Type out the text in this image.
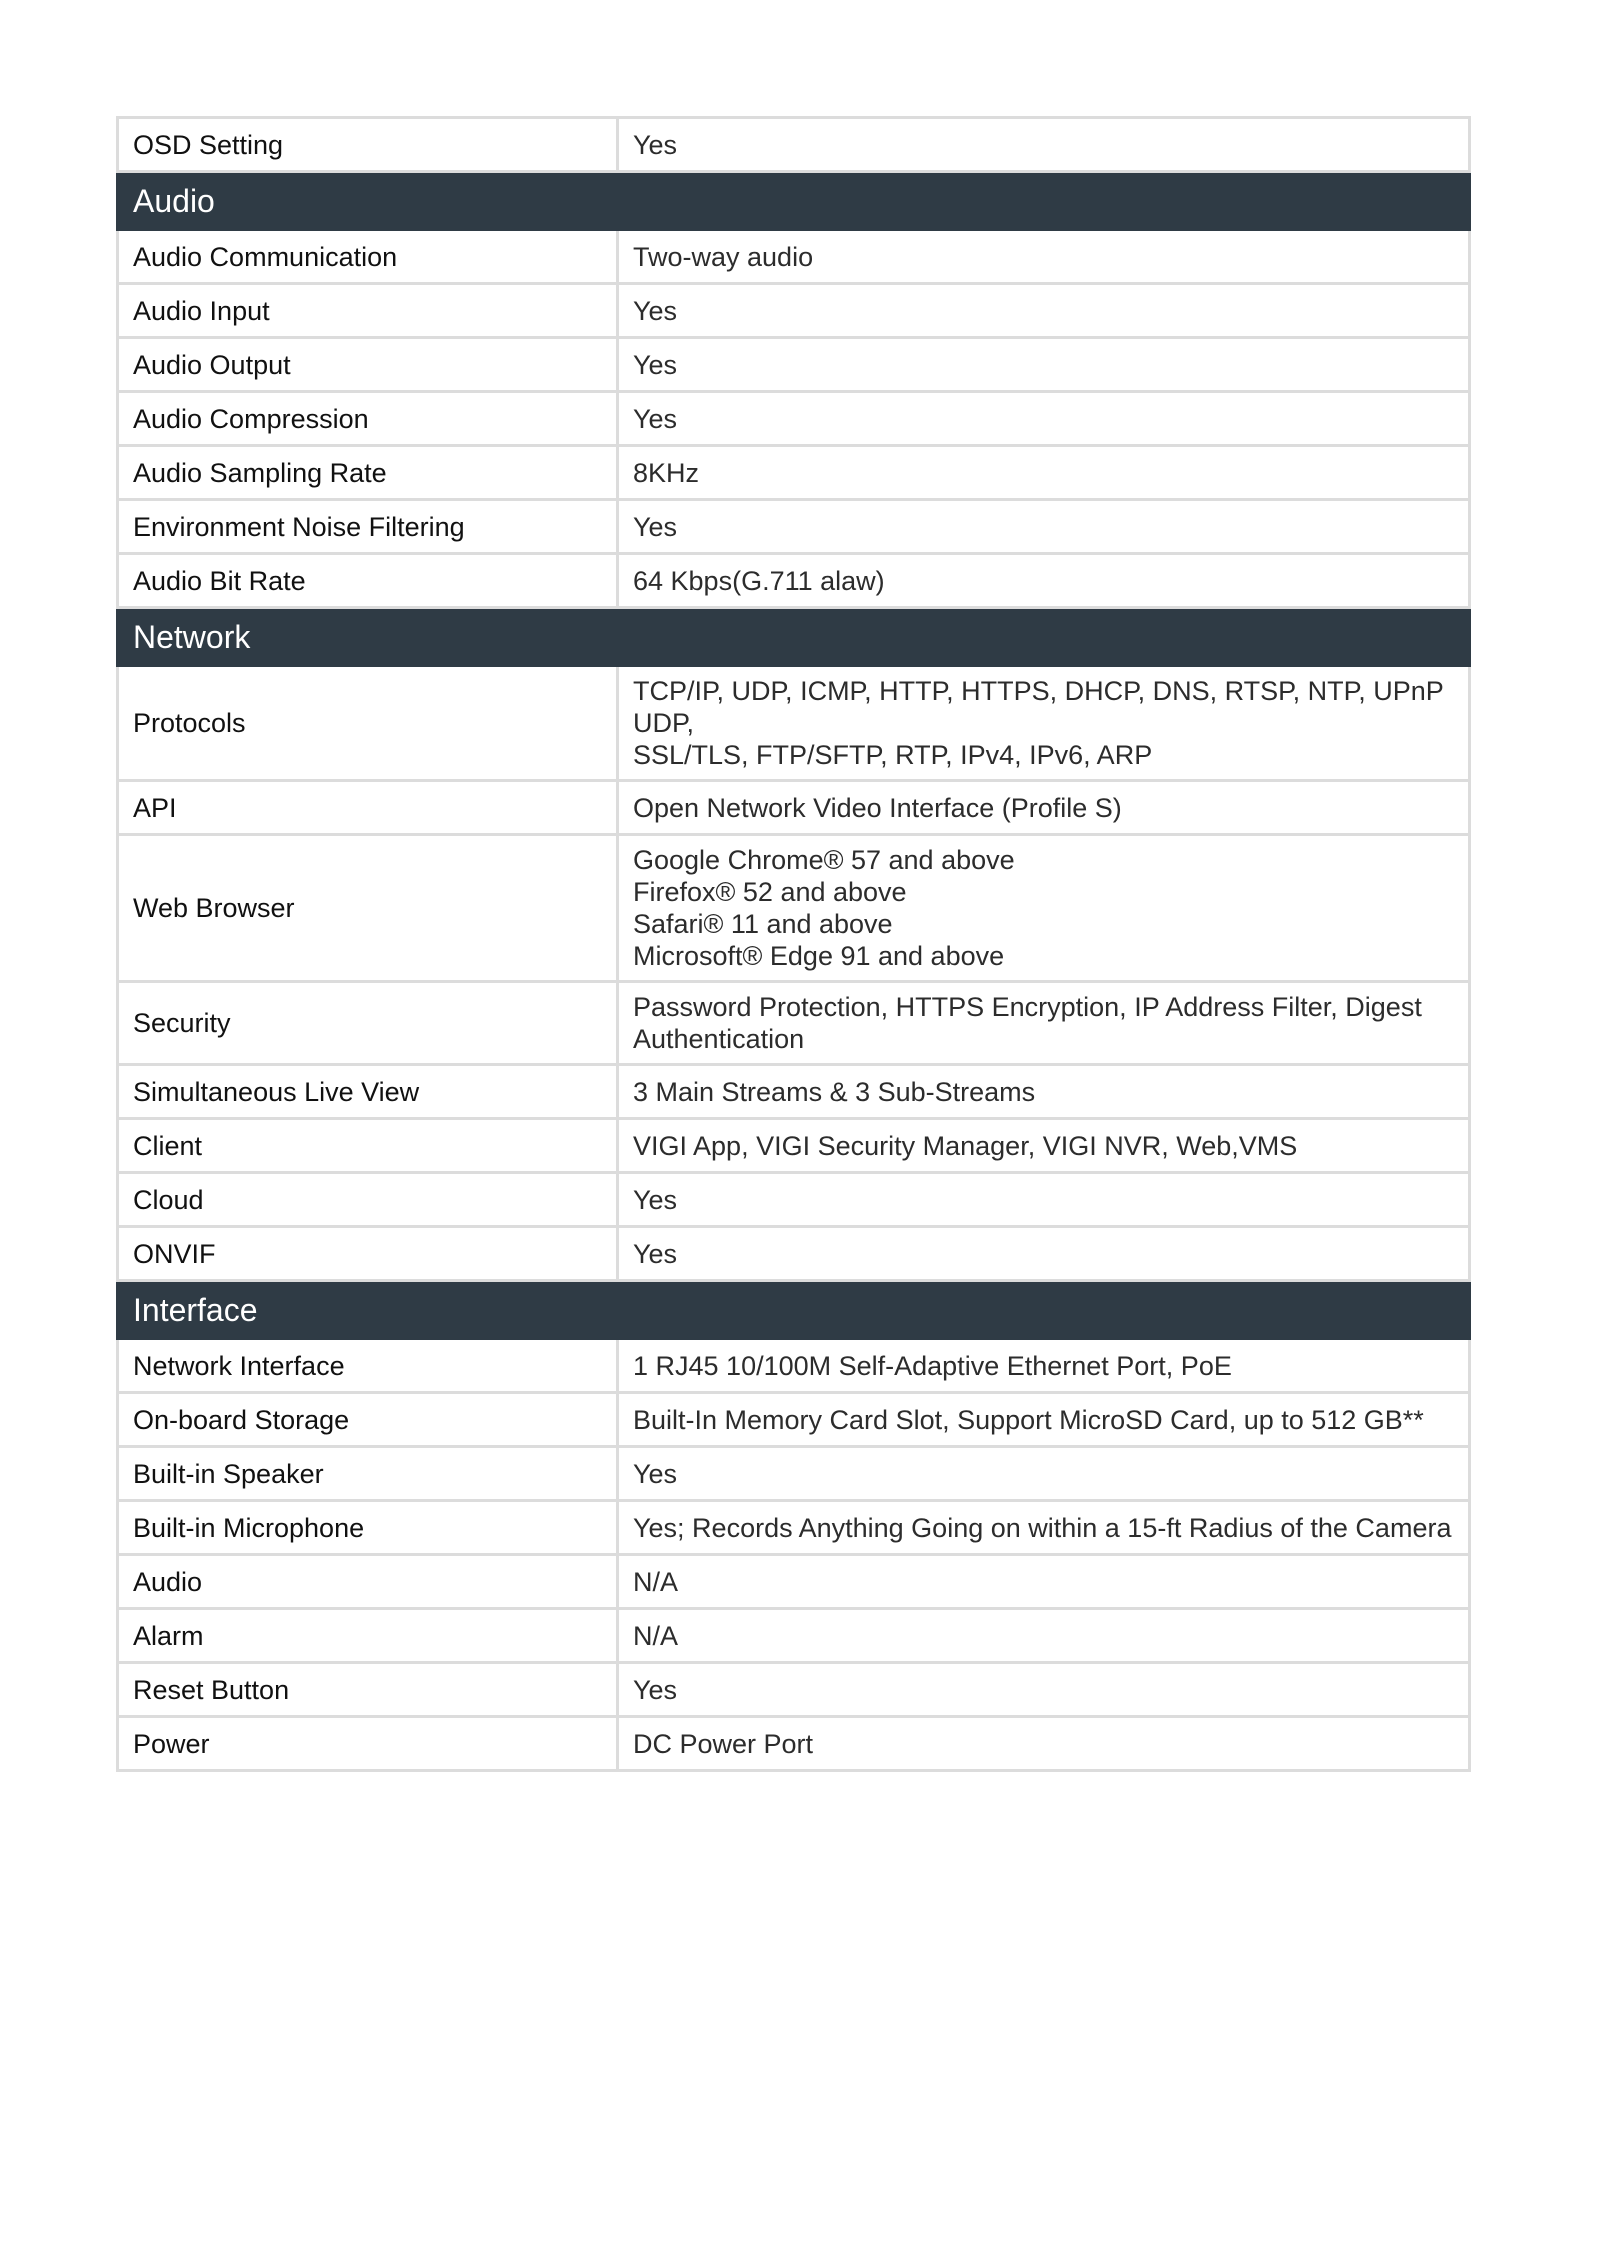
OSD Setting	Yes

Audio	
Audio Communication	Two-way audio

Audio Input	Yes

Audio Output	Yes

Audio Compression	Yes

Audio Sampling Rate	8KHz

Environment Noise Filtering	Yes

Audio Bit Rate	64 Kbps(G.711 alaw)

Network	
Protocols	TCP/IP, UDP, ICMP, HTTP, HTTPS, DHCP, DNS, RTSP, NTP, UPnP UDP,
SSL/TLS, FTP/SFTP, RTP, IPv4, IPv6, ARP

API	Open Network Video Interface (Profile S)

Web Browser	Google Chrome® 57 and above
Firefox® 52 and above
Safari® 11 and above
Microsoft® Edge 91 and above

Security	Password Protection, HTTPS Encryption, IP Address Filter, Digest
Authentication

Simultaneous Live View	3 Main Streams & 3 Sub-Streams

Client	VIGI App, VIGI Security Manager, VIGI NVR, Web,VMS

Cloud	Yes

ONVIF	Yes

Interface	
Network Interface	1 RJ45 10/100M Self-Adaptive Ethernet Port, PoE

On-board Storage	Built-In Memory Card Slot, Support MicroSD Card, up to 512 GB**

Built-in Speaker	Yes

Built-in Microphone	Yes; Records Anything Going on within a 15-ft Radius of the Camera

Audio	N/A

Alarm	N/A

Reset Button	Yes

Power	DC Power Port
